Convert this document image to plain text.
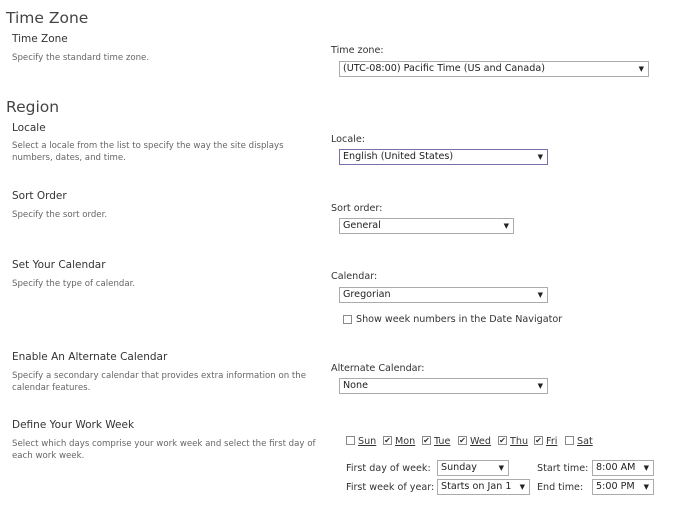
Time Zone
Time Zone
Specify the standard time zone.
Time zone:
(UTC-08:00) Pacific Time (US and Canada)	▼
Region
Locale
Select a locale from the list to specify the way the site displays numbers, dates, and time.
Locale:
English (United States)	▼
Sort Order
Specify the sort order.
Sort order:
General	▼
Set Your Calendar
Specify the type of calendar.
Calendar:
Gregorian	▼
Show week numbers in the Date Navigator
Enable An Alternate Calendar
Specify a secondary calendar that provides extra information on the calendar features.
Alternate Calendar:
None	▼
Define Your Work Week
Select which days comprise your work week and select the first day of each work week.
Sun ✔ Mon ✔ Tue ✔ Wed ✔ Thu ✔ Fri Sat
First day of week:	Sunday	▼	Start time: 8:00 AM ▼
First week of year: Starts on Jan 1 ▼ End time:	5:00 PM ▼
